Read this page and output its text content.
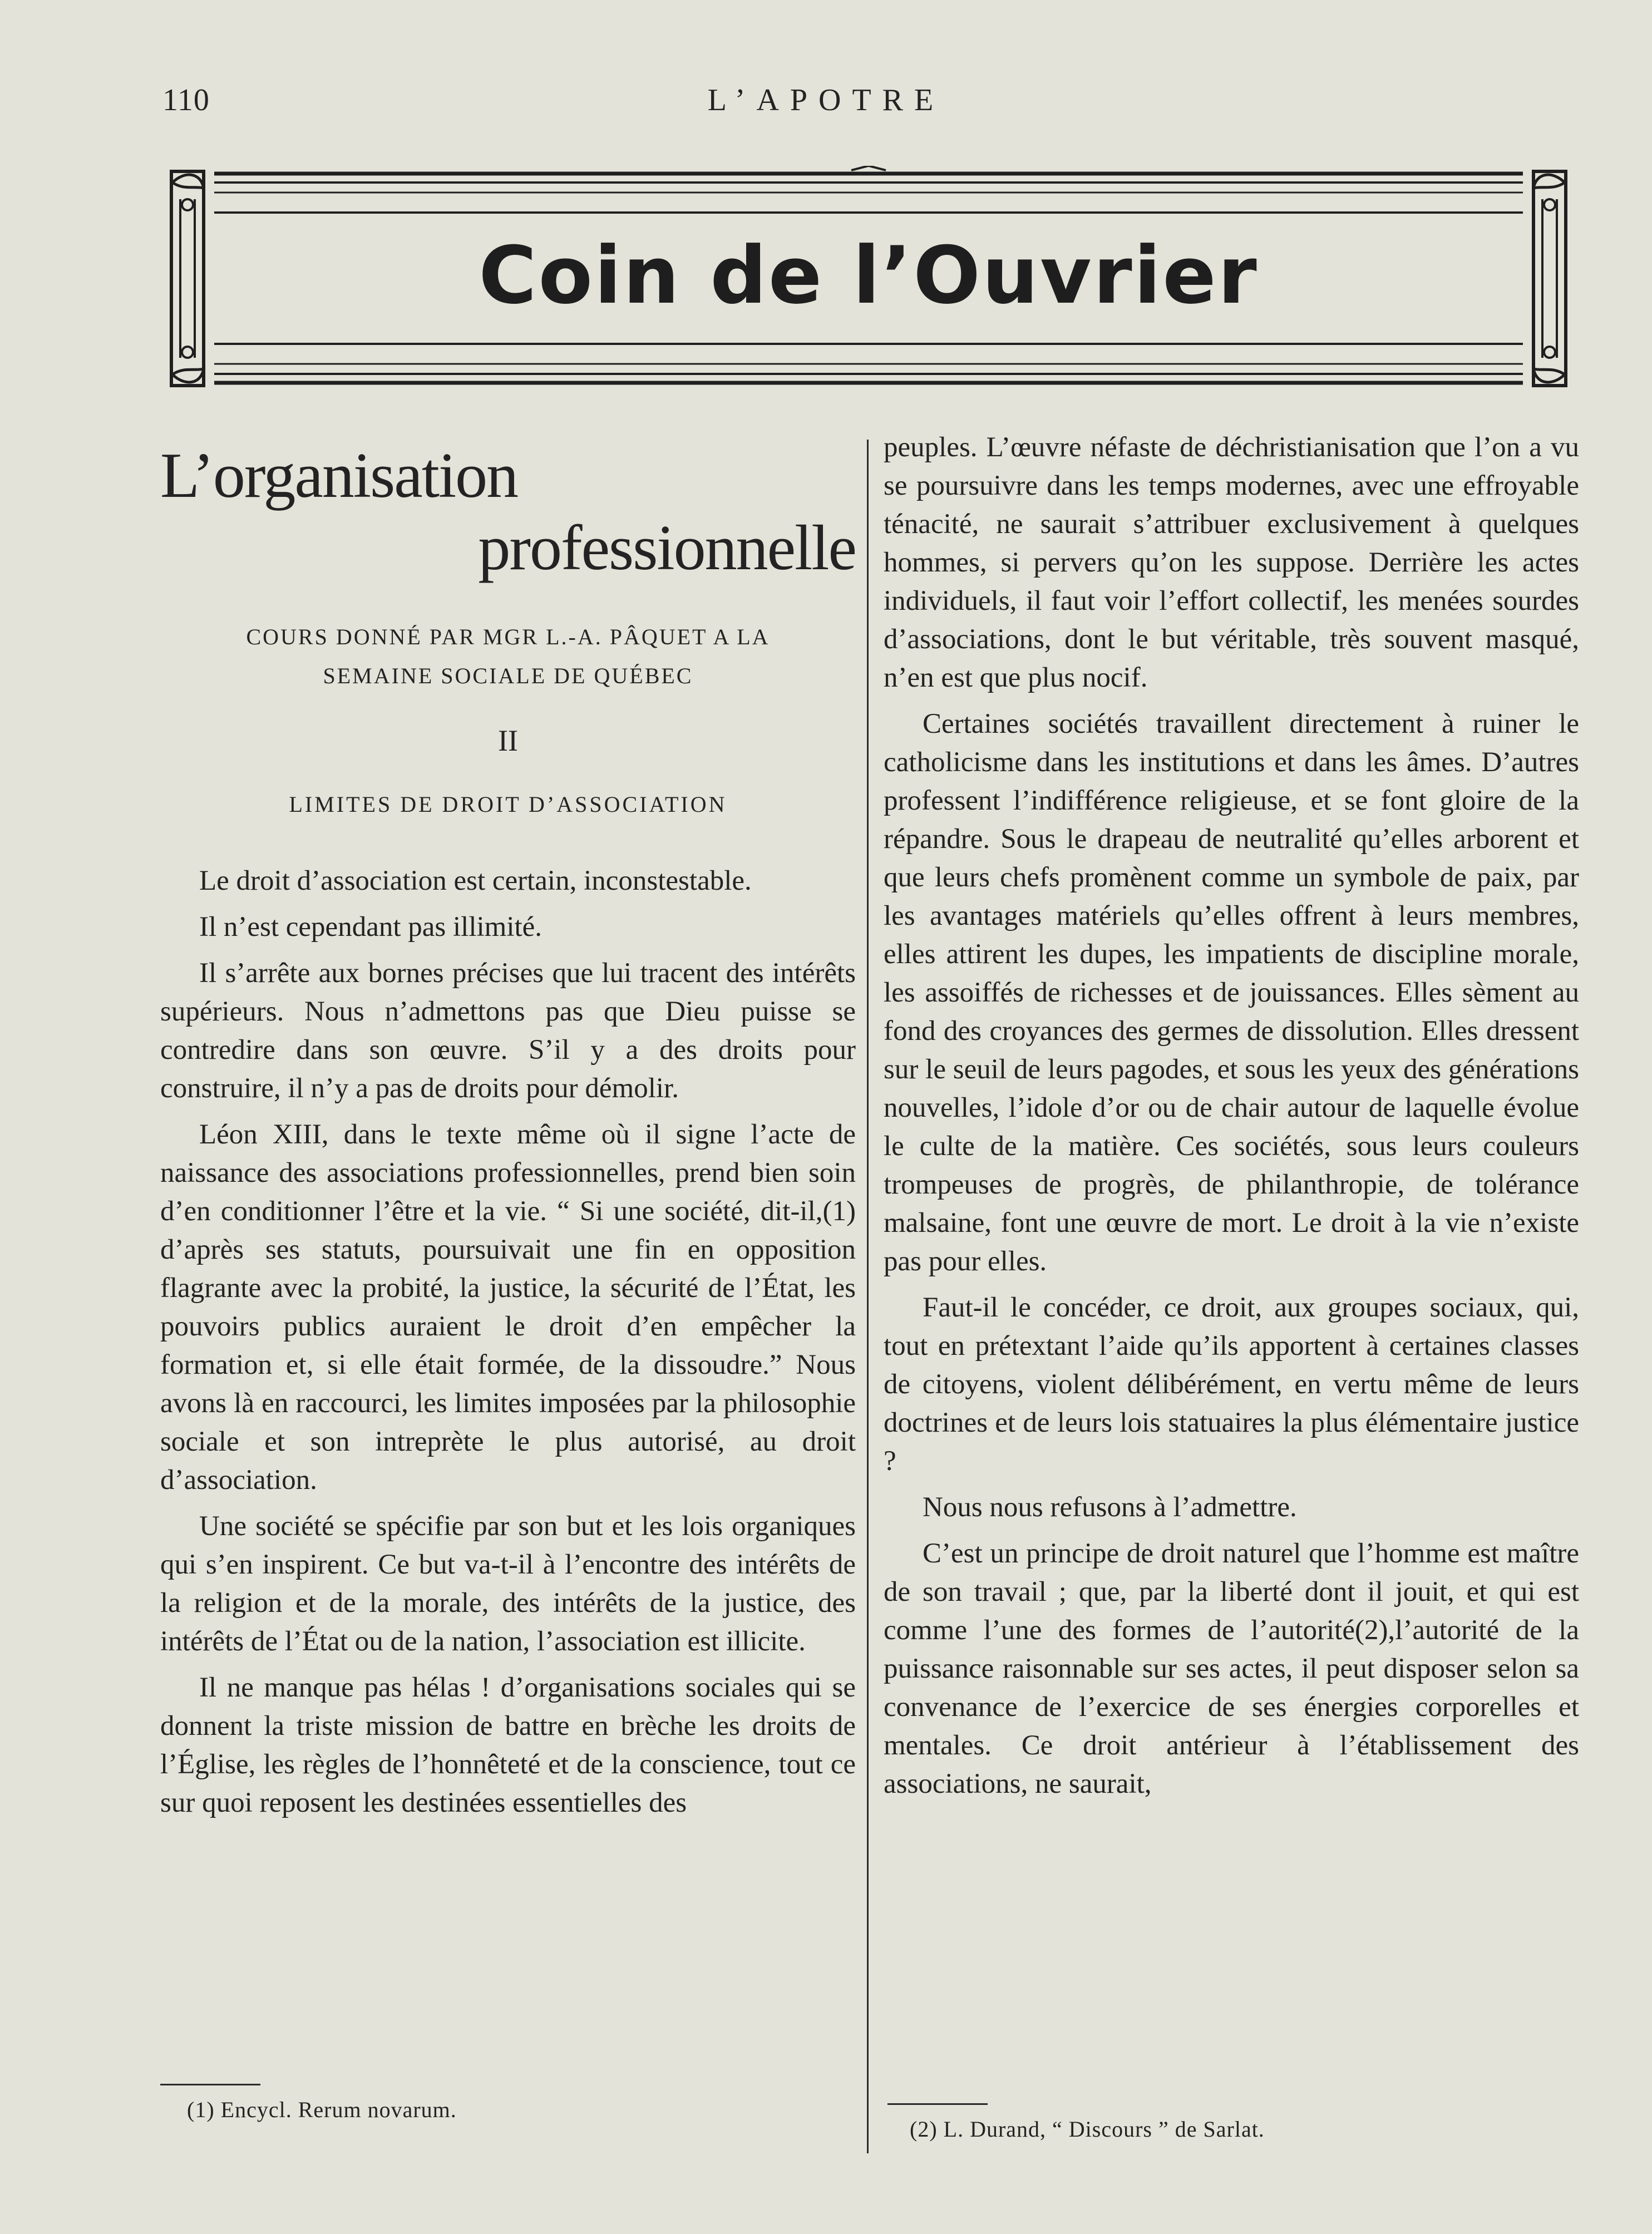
110	L’APOTRE
Coin de l’Ouvrier
L’organisation
professionnelle

COURS DONNÉ PAR MGR L.-A. PÂQUET A LA

SEMAINE SOCIALE DE QUÉBEC

II
LIMITES DE DROIT D’ASSOCIATION

Le droit d’association est certain, inconstestable.

Il n’est cependant pas illimité.

Il s’arrête aux bornes précises que lui tracent des intérêts supérieurs. Nous n’admettons pas que Dieu puisse se contredire dans son œuvre. S’il y a des droits pour construire, il n’y a pas de droits pour démolir.

Léon XIII, dans le texte même où il signe l’acte de naissance des associations professionnelles, prend bien soin d’en conditionner l’être et la vie. “ Si une société, dit-il,(1) d’après ses statuts, poursuivait une fin en opposition flagrante avec la probité, la justice, la sécurité de l’État, les pouvoirs publics auraient le droit d’en empêcher la formation et, si elle était formée, de la dissoudre.” Nous avons là en raccourci, les limites imposées par la philosophie sociale et son intreprète le plus autorisé, au droit d’association.

Une société se spécifie par son but et les lois organiques qui s’en inspirent. Ce but va-t-il à l’encontre des intérêts de la religion et de la morale, des intérêts de la justice, des intérêts de l’État ou de la nation, l’association est illicite.

Il ne manque pas hélas ! d’organisations sociales qui se donnent la triste mission de battre en brèche les droits de l’Église, les règles de l’honnêteté et de la conscience, tout ce sur quoi reposent les destinées essentielles des

peuples. L’œuvre néfaste de déchristianisation que l’on a vu se poursuivre dans les temps modernes, avec une effroyable ténacité, ne saurait s’attribuer exclusivement à quelques hommes, si pervers qu’on les suppose. Derrière les actes individuels, il faut voir l’effort collectif, les menées sourdes d’associations, dont le but véritable, très souvent masqué, n’en est que plus nocif.

Certaines sociétés travaillent directement à ruiner le catholicisme dans les institutions et dans les âmes. D’autres professent l’indifférence religieuse, et se font gloire de la répandre. Sous le drapeau de neutralité qu’elles arborent et que leurs chefs promènent comme un symbole de paix, par les avantages matériels qu’elles offrent à leurs membres, elles attirent les dupes, les impatients de discipline morale, les assoiffés de richesses et de jouissances. Elles sèment au fond des croyances des germes de dissolution. Elles dressent sur le seuil de leurs pagodes, et sous les yeux des générations nouvelles, l’idole d’or ou de chair autour de laquelle évolue le culte de la matière. Ces sociétés, sous leurs couleurs trompeuses de progrès, de philanthropie, de tolérance malsaine, font une œuvre de mort. Le droit à la vie n’existe pas pour elles.

Faut-il le concéder, ce droit, aux groupes sociaux, qui, tout en prétextant l’aide qu’ils apportent à certaines classes de citoyens, violent délibérément, en vertu même de leurs doctrines et de leurs lois statuaires la plus élémentaire justice ?

Nous nous refusons à l’admettre.

C’est un principe de droit naturel que l’homme est maître de son travail ; que, par la liberté dont il jouit, et qui est comme l’une des formes de l’autorité(2),l’autorité de la puissance raisonnable sur ses actes, il peut disposer selon sa convenance de l’exercice de ses énergies corporelles et mentales. Ce droit antérieur à l’établissement des associations, ne saurait,

(1) Encycl. Rerum novarum.
(2) L. Durand, “ Discours ” de Sarlat.
